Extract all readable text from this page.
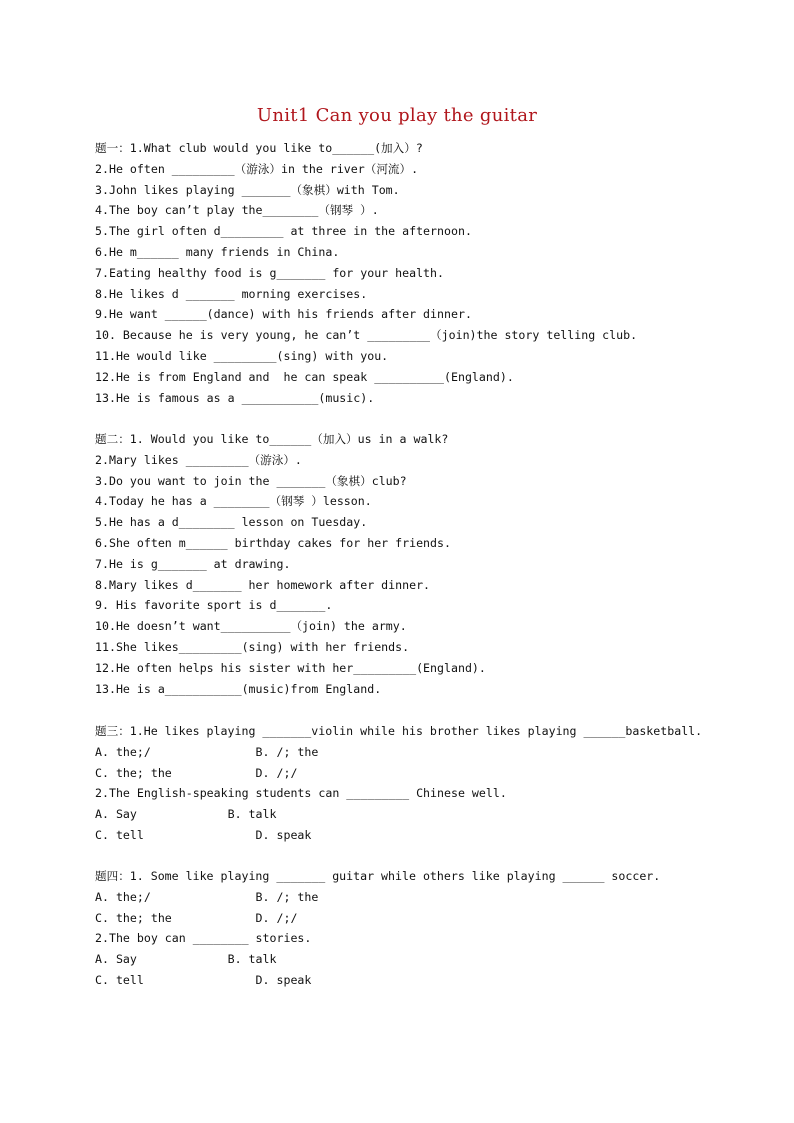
Unit1 Can you play the guitar
题一：1.What club would you like to______(加入）?
2.He often _________（游泳）in the river（河流）.
3.John likes playing _______（象棋）with Tom.
4.The boy can’t play the________（钢琴 ）.
5.The girl often d_________ at three in the afternoon.
6.He m______ many friends in China.
7.Eating healthy food is g_______ for your health.
8.He likes d _______ morning exercises.
9.He want ______(dance) with his friends after dinner.
10. Because he is very young, he can’t _________（join)the story telling club.
11.He would like _________(sing) with you.
12.He is from England and  he can speak __________(England).
13.He is famous as a ___________(music).
题二：1. Would you like to______（加入）us in a walk?
2.Mary likes _________（游泳）.
3.Do you want to join the _______（象棋）club?
4.Today he has a ________（钢琴 ）lesson.
5.He has a d________ lesson on Tuesday.
6.She often m______ birthday cakes for her friends.
7.He is g_______ at drawing.
8.Mary likes d_______ her homework after dinner.
9. His favorite sport is d_______.
10.He doesn’t want__________（join) the army.
11.She likes_________(sing) with her friends.
12.He often helps his sister with her_________(England).
13.He is a___________(music)from England.
题三：1.He likes playing _______violin while his brother likes playing ______basketball.
A. the;/               B. /; the
C. the; the            D. /;/
2.The English-speaking students can _________ Chinese well.
A. Say             B. talk
C. tell                D. speak
题四：1. Some like playing _______ guitar while others like playing ______ soccer.
A. the;/               B. /; the
C. the; the            D. /;/
2.The boy can ________ stories.
A. Say             B. talk
C. tell                D. speak
